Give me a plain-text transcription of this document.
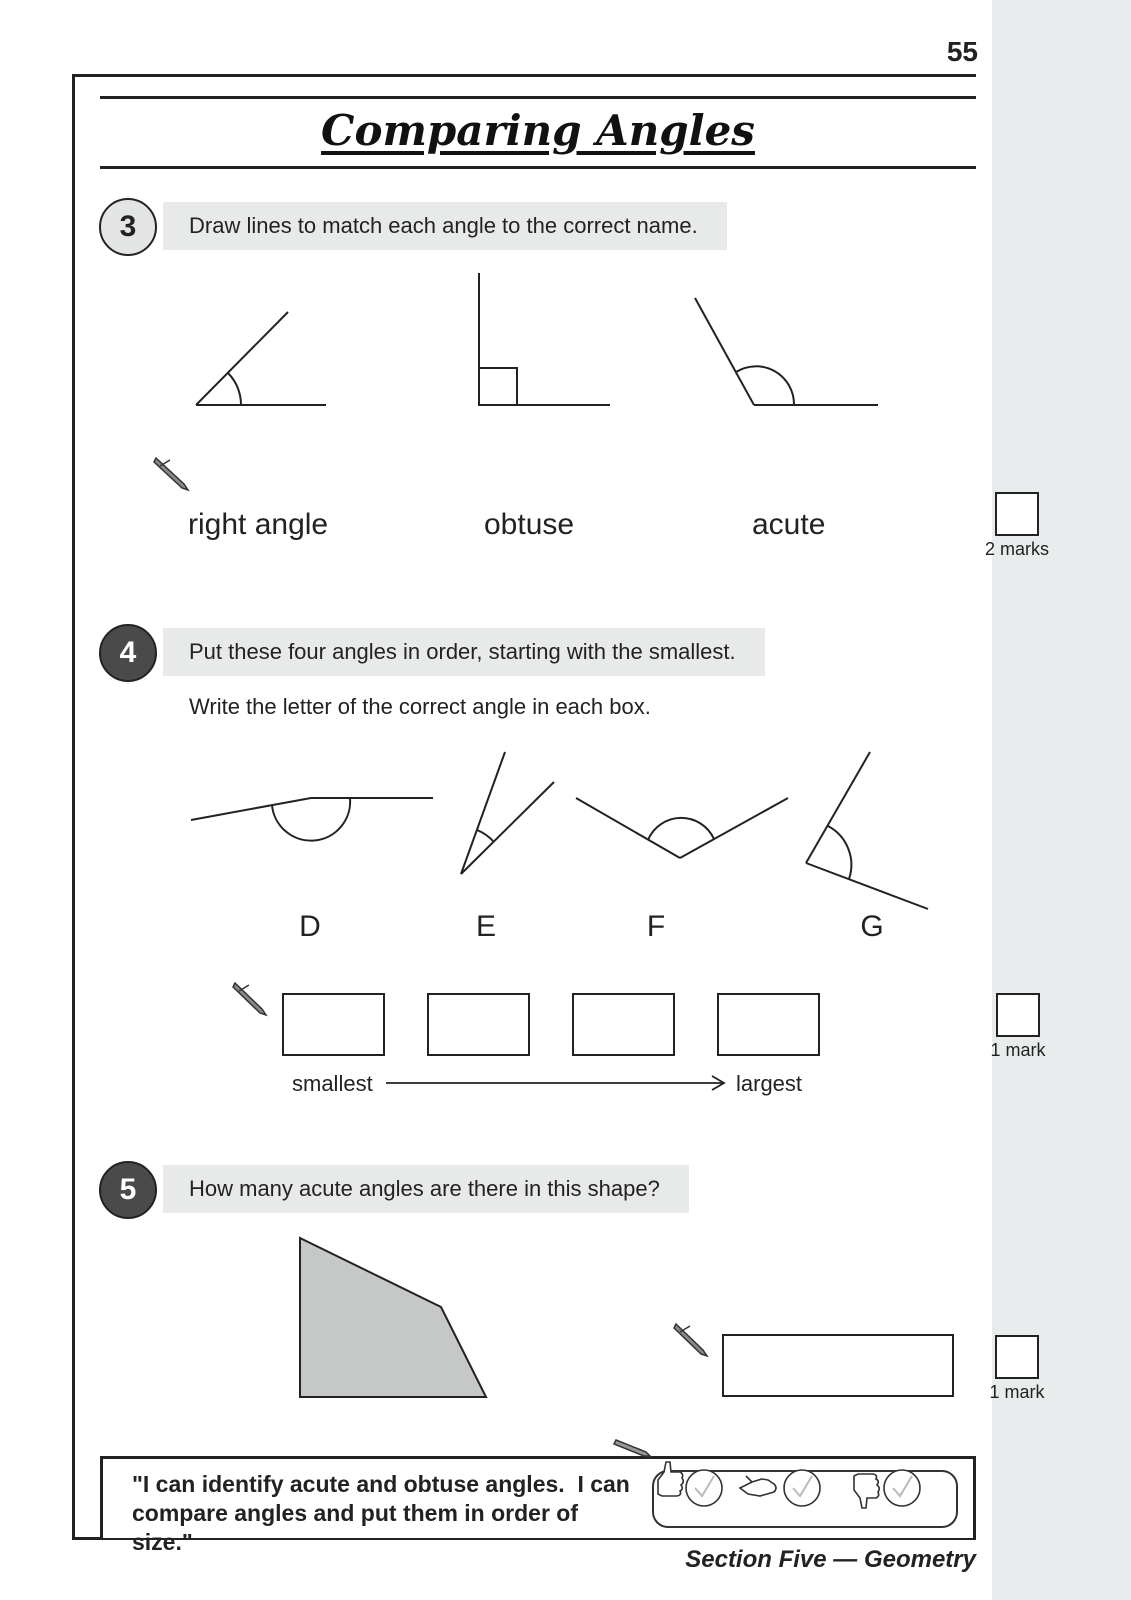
55
Comparing Angles
3	Draw lines to match each angle to the correct name.
right angle	obtuse	acute
2 marks
4	Put these four angles in order, starting with the smallest.
Write the letter of the correct angle in each box.
D	E	F	G
smallest	largest
1 mark
5	How many acute angles are there in this shape?
1 mark
"I can identify acute and obtuse angles.  I can
compare angles and put them in order of size."
Section Five — Geometry
